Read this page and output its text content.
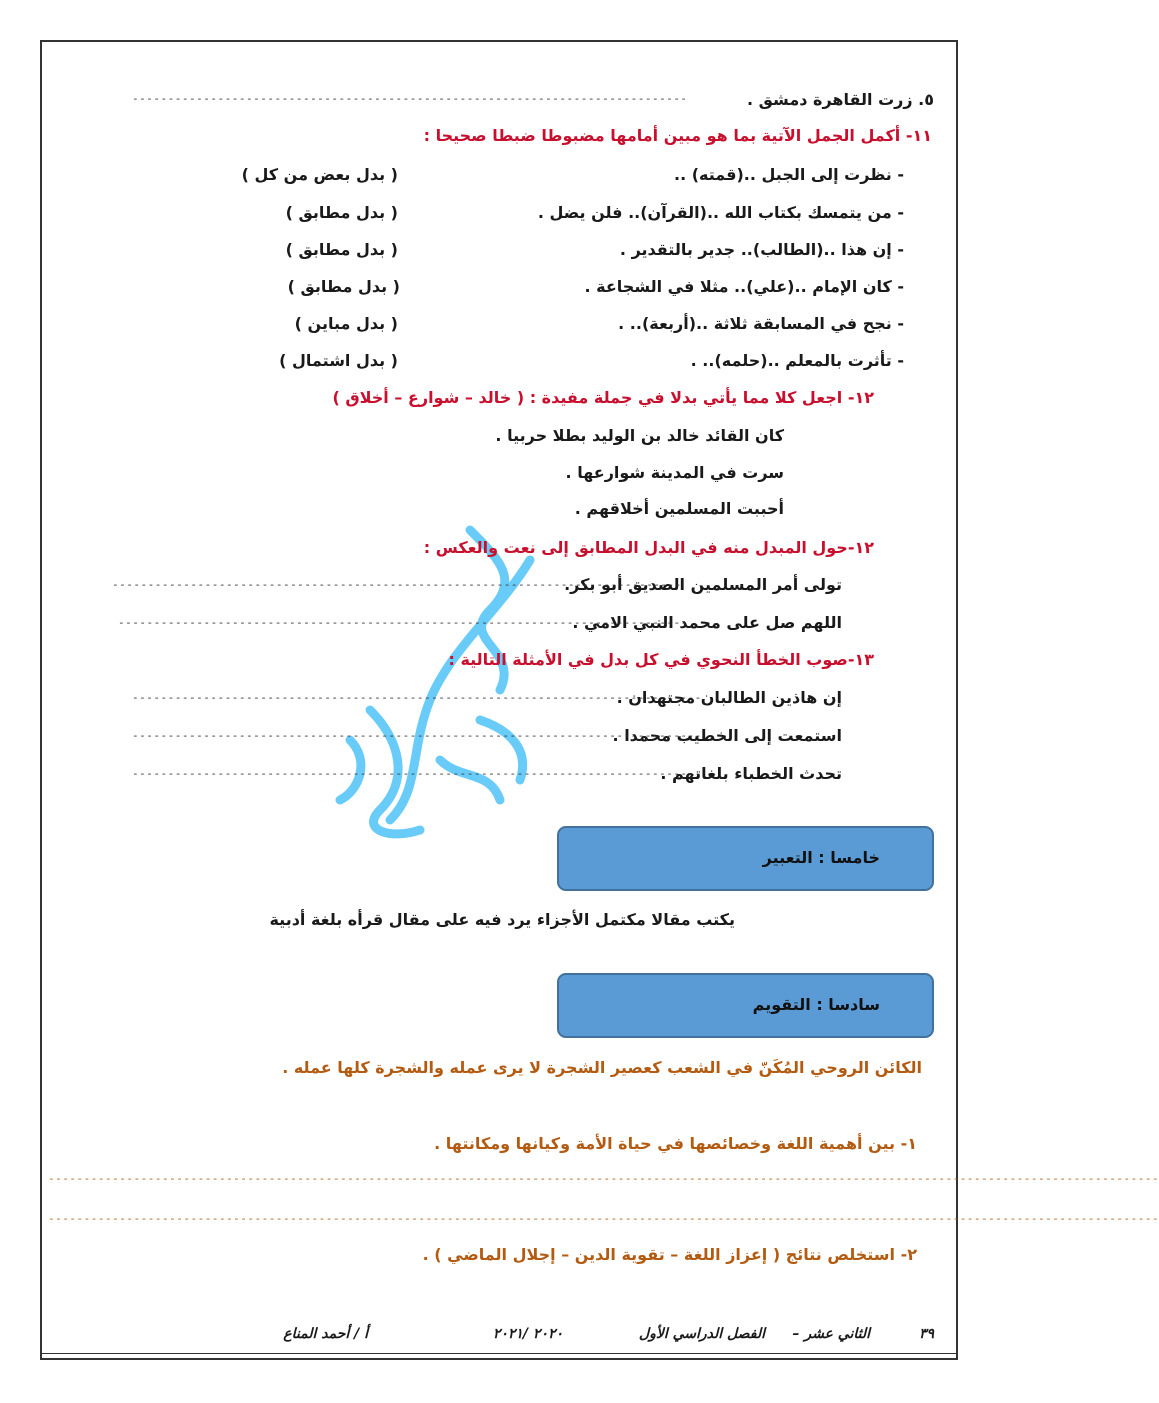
٥. زرت القاهرة دمشق .
------------------------------------------------------------------------------
١١- أكمل الجمل الآتية بما هو مبين أمامها مضبوطا ضبطا صحيحا :
- نظرت إلى الجبل ..(قمته) ..
( بدل بعض من كل )
- من يتمسك بكتاب الله ..(القرآن).. فلن يضل .
( بدل مطابق )
- إن هذا ..(الطالب).. جدير بالتقدير .
( بدل مطابق )
- كان الإمام ..(علي).. مثلا في الشجاعة .
( بدل مطابق )
- نجح في المسابقة ثلاثة ..(أربعة).. .
( بدل مباين )
- تأثرت بالمعلم ..(حلمه).. .
( بدل اشتمال )
١٢- اجعل كلا مما يأتي بدلا في جملة مفيدة : ( خالد – شوارع – أخلاق )
كان القائد خالد بن الوليد بطلا حربيا .
سرت في المدينة شوارعها .
أحببت المسلمين أخلاقهم .
١٢-حول المبدل منه في البدل المطابق إلى نعت والعكس :
تولى أمر المسلمين الصديق أبو بكر.
--------------------------------------------------------------------------------
اللهم صل على محمد النبي الامي .
--------------------------------------------------------------------------------
١٣-صوب الخطأ النحوي في كل بدل في الأمثلة التالية :
إن هاذين الطالبان مجتهدان .
--------------------------------------------------------------------------------
استمعت إلى الخطيب محمدا .
--------------------------------------------------------------------------------
تحدث الخطباء بلغاتهم .
--------------------------------------------------------------------------------
خامسا : التعبير
يكتب مقالا مكتمل الأجزاء يرد فيه على مقال قرأه بلغة أدبية
سادسا : التقويم
الكائن الروحي المُكَنّ في الشعب كعصير الشجرة لا يرى عمله والشجرة كلها عمله .
١- بين أهمية اللغة وخصائصها في حياة الأمة وكيانها ومكانتها .
------------------------------------------------------------------------------------------------------------------------------------------------------------
------------------------------------------------------------------------------------------------------------------------------------------------------------
٢- استخلص نتائج ( إعزاز اللغة – تقوية الدين – إجلال الماضي ) .
٣٩
الثاني عشر –
الفصل الدراسي الأول
٢٠٢٠ /٢٠٢١
أ / أحمد المناع
